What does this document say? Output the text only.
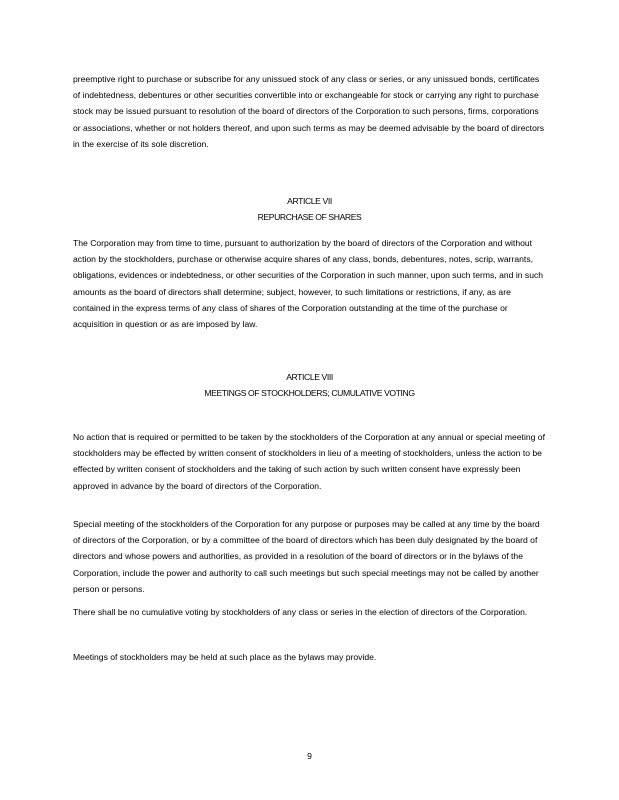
preemptive right to purchase or subscribe for any unissued stock of any class or series, or any unissued bonds, certificates of indebtedness, debentures or other securities convertible into or exchangeable for stock or carrying any right to purchase stock may be issued pursuant to resolution of the board of directors of the Corporation to such persons, firms, corporations or associations, whether or not holders thereof, and upon such terms as may be deemed advisable by the board of directors in the exercise of its sole discretion.

ARTICLE VII

REPURCHASE OF SHARES

The Corporation may from time to time, pursuant to authorization by the board of directors of the Corporation and without action by the stockholders, purchase or otherwise acquire shares of any class, bonds, debentures, notes, scrip, warrants, obligations, evidences or indebtedness, or other securities of the Corporation in such manner, upon such terms, and in such amounts as the board of directors shall determine; subject, however, to such limitations or restrictions, if any, as are contained in the express terms of any class of shares of the Corporation outstanding at the time of the purchase or acquisition in question or as are imposed by law.

ARTICLE VIII

MEETINGS OF STOCKHOLDERS; CUMULATIVE VOTING

No action that is required or permitted to be taken by the stockholders of the Corporation at any annual or special meeting of stockholders may be effected by written consent of stockholders in lieu of a meeting of stockholders, unless the action to be effected by written consent of stockholders and the taking of such action by such written consent have expressly been approved in advance by the board of directors of the Corporation.

Special meeting of the stockholders of the Corporation for any purpose or purposes may be called at any time by the board of directors of the Corporation, or by a committee of the board of directors which has been duly designated by the board of directors and whose powers and authorities, as provided in a resolution of the board of directors or in the bylaws of the Corporation, include the power and authority to call such meetings but such special meetings may not be called by another person or persons.

There shall be no cumulative voting by stockholders of any class or series in the election of directors of the Corporation.

Meetings of stockholders may be held at such place as the bylaws may provide.

9
